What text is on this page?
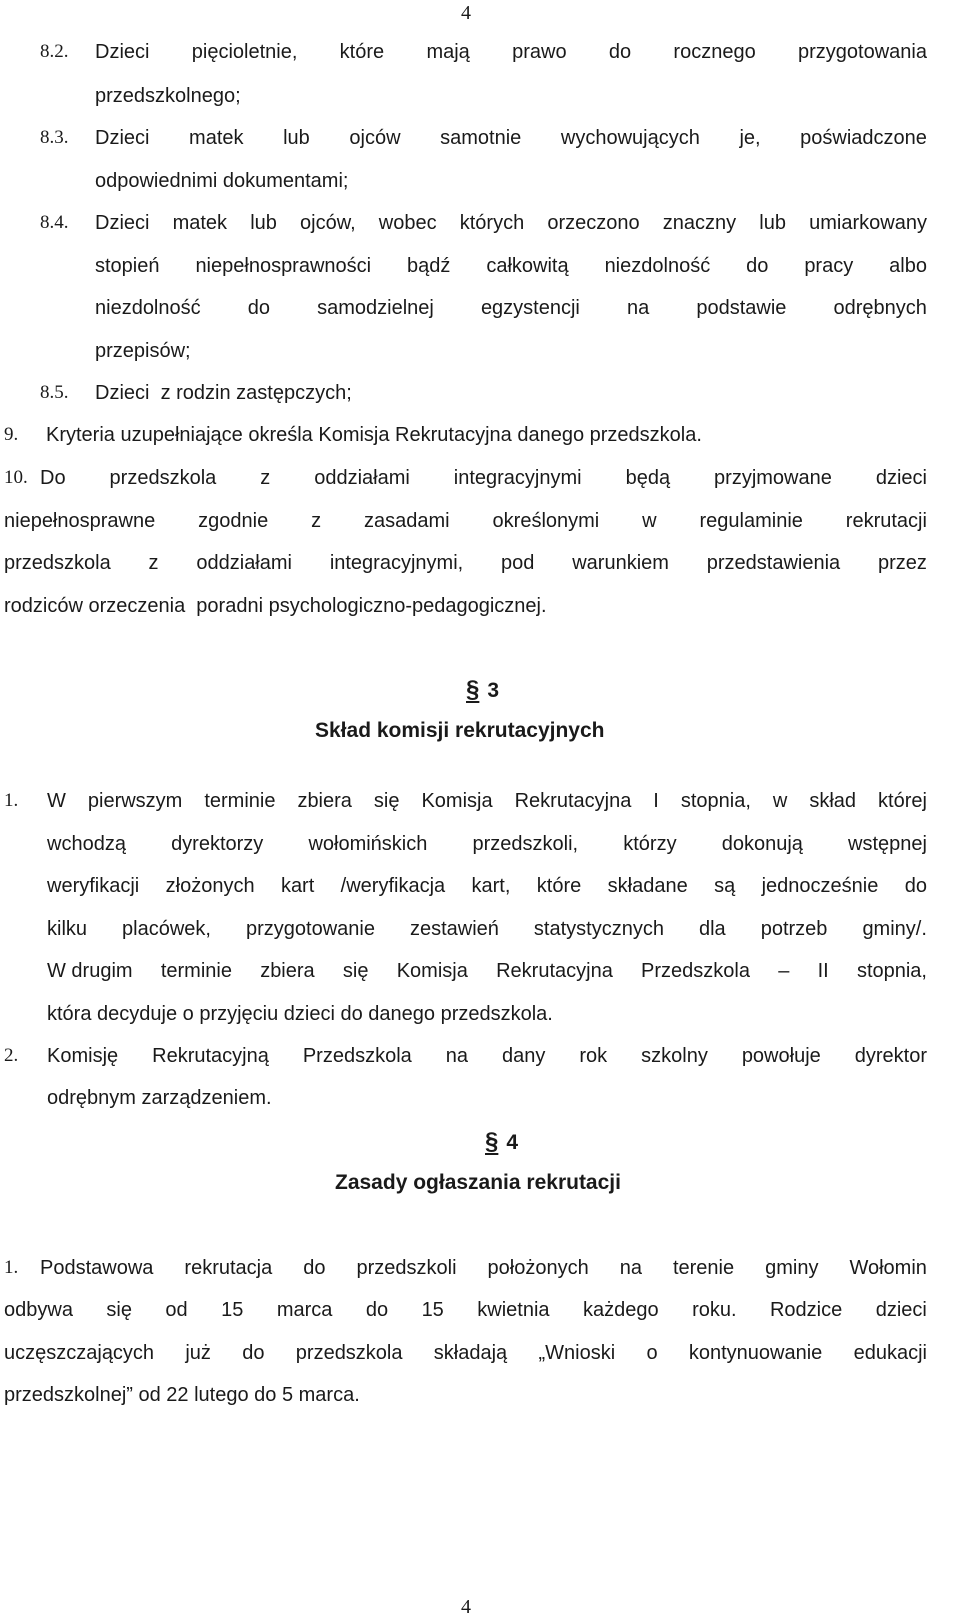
4
8.2. Dzieci pięcioletnie, które mają prawo do rocznego przygotowania
przedszkolnego;
8.3. Dzieci matek lub ojców samotnie wychowujących je, poświadczone
odpowiednimi dokumentami;
8.4. Dzieci matek lub ojców, wobec których orzeczono znaczny lub umiarkowany
stopień niepełnosprawności bądź całkowitą niezdolność do pracy albo
niezdolność do samodzielnej egzystencji na podstawie odrębnych
przepisów;
8.5. Dzieci  z rodzin zastępczych;
9. Kryteria uzupełniające określa Komisja Rekrutacyjna danego przedszkola.
10. Do przedszkola z oddziałami integracyjnymi będą przyjmowane dzieci
niepełnosprawne zgodnie z zasadami określonymi w regulaminie rekrutacji
przedszkola z oddziałami integracyjnymi, pod warunkiem przedstawienia przez
rodziców orzeczenia  poradni psychologiczno-pedagogicznej.
§ 3
Skład komisji rekrutacyjnych
1. W pierwszym terminie zbiera się Komisja Rekrutacyjna I stopnia, w skład której
wchodzą dyrektorzy wołomińskich przedszkoli, którzy dokonują wstępnej
weryfikacji złożonych kart /weryfikacja kart, które składane są jednocześnie do
kilku placówek, przygotowanie zestawień statystycznych dla potrzeb gminy/.
W drugim terminie zbiera się Komisja Rekrutacyjna Przedszkola – II stopnia,
która decyduje o przyjęciu dzieci do danego przedszkola.
2. Komisję Rekrutacyjną Przedszkola na dany rok szkolny powołuje dyrektor
odrębnym zarządzeniem.
§ 4
Zasady ogłaszania rekrutacji
1. Podstawowa rekrutacja do przedszkoli położonych na terenie gminy Wołomin
odbywa się od 15 marca do 15 kwietnia każdego roku. Rodzice dzieci
uczęszczających już do przedszkola składają „Wnioski o kontynuowanie edukacji
przedszkolnej” od 22 lutego do 5 marca.
4
